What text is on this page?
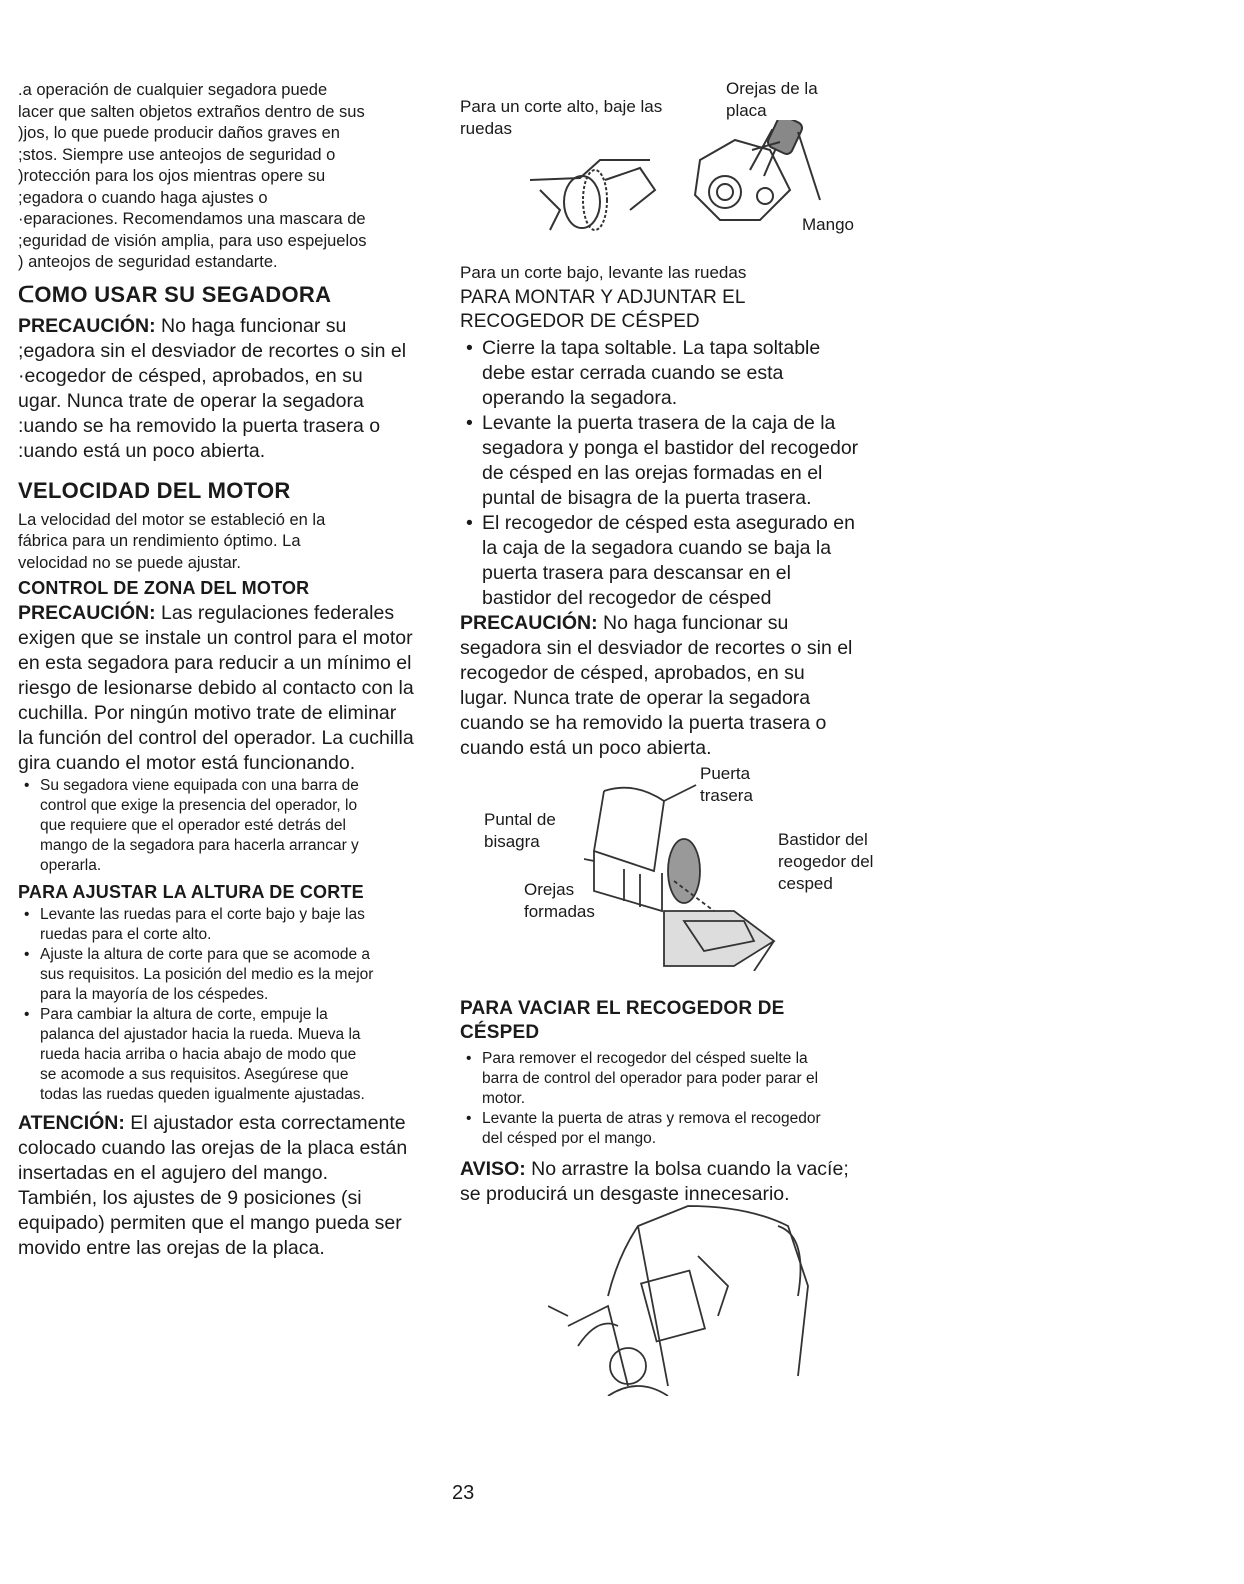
.a operación de cualquier segadora puede
lacer que salten objetos extraños dentro de sus
)jos, lo que puede producir daños graves en
;stos. Siempre use anteojos de seguridad o
)rotección para los ojos mientras opere su
;egadora o cuando haga ajustes o
·eparaciones. Recomendamos una mascara de
;eguridad de visión amplia, para uso espejuelos
) anteojos de seguridad estandarte.

ᑕOMO USAR SU SEGADORA

PRECAUCIÓN: No haga funcionar su
;egadora sin el desviador de recortes o sin el
·ecogedor de césped, aprobados, en su
ugar. Nunca trate de operar la segadora
:uando se ha removido la puerta trasera o
:uando está un poco abierta.

VELOCIDAD DEL MOTOR

La velocidad del motor se estableció en la
fábrica para un rendimiento óptimo. La
velocidad no se puede ajustar.

CONTROL DE ZONA DEL MOTOR

PRECAUCIÓN: Las regulaciones federales
exigen que se instale un control para el motor
en esta segadora para reducir a un mínimo el
riesgo de lesionarse debido al contacto con la
cuchilla. Por ningún motivo trate de eliminar
la función del control del operador. La cuchilla
gira cuando el motor está funcionando.

• Su segadora viene equipada con una barra de
control que exige la presencia del operador, lo
que requiere que el operador esté detrás del
mango de la segadora para hacerla arrancar y
operarla.
PARA AJUSTAR LA ALTURA DE CORTE
• Levante las ruedas para el corte bajo y baje las
ruedas para el corte alto.
• Ajuste la altura de corte para que se acomode a
sus requisitos. La posición del medio es la mejor
para la mayoría de los céspedes.
• Para cambiar la altura de corte, empuje la
palanca del ajustador hacia la rueda. Mueva la
rueda hacia arriba o hacia abajo de modo que
se acomode a sus requisitos. Asegúrese que
todas las ruedas queden igualmente ajustadas.

ATENCIÓN: El ajustador esta correctamente
colocado cuando las orejas de la placa están
insertadas en el agujero del mango.
También, los ajustes de 9 posiciones (si
equipado) permiten que el mango pueda ser
movido entre las orejas de la placa.

Para un corte alto, baje las
ruedas
Orejas de la
placa
Mango
Para un corte bajo, levante las ruedas
PARA MONTAR Y ADJUNTAR EL
RECOGEDOR DE CÉSPED
• Cierre la tapa soltable. La tapa soltable
debe estar cerrada cuando se esta
operando la segadora.
• Levante la puerta trasera de la caja de la
segadora y ponga el bastidor del recogedor
de césped en las orejas formadas en el
puntal de bisagra de la puerta trasera.
• El recogedor de césped esta asegurado en
la caja de la segadora cuando se baja la
puerta trasera para descansar en el
bastidor del recogedor de césped

PRECAUCIÓN: No haga funcionar su
segadora sin el desviador de recortes o sin el
recogedor de césped, aprobados, en su
lugar. Nunca trate de operar la segadora
cuando se ha removido la puerta trasera o
cuando está un poco abierta.

Puerta
trasera
Puntal de
bisagra	Bastidor del
reogedor del
cesped
Orejas
formadas
PARA VACIAR EL RECOGEDOR DE
CÉSPED
• Para remover el recogedor del césped suelte la
barra de control del operador para poder parar el
motor.
• Levante la puerta de atras y remova el recogedor
del césped por el mango.

AVISO: No arrastre la bolsa cuando la vacíe;
se producirá un desgaste innecesario.

23
